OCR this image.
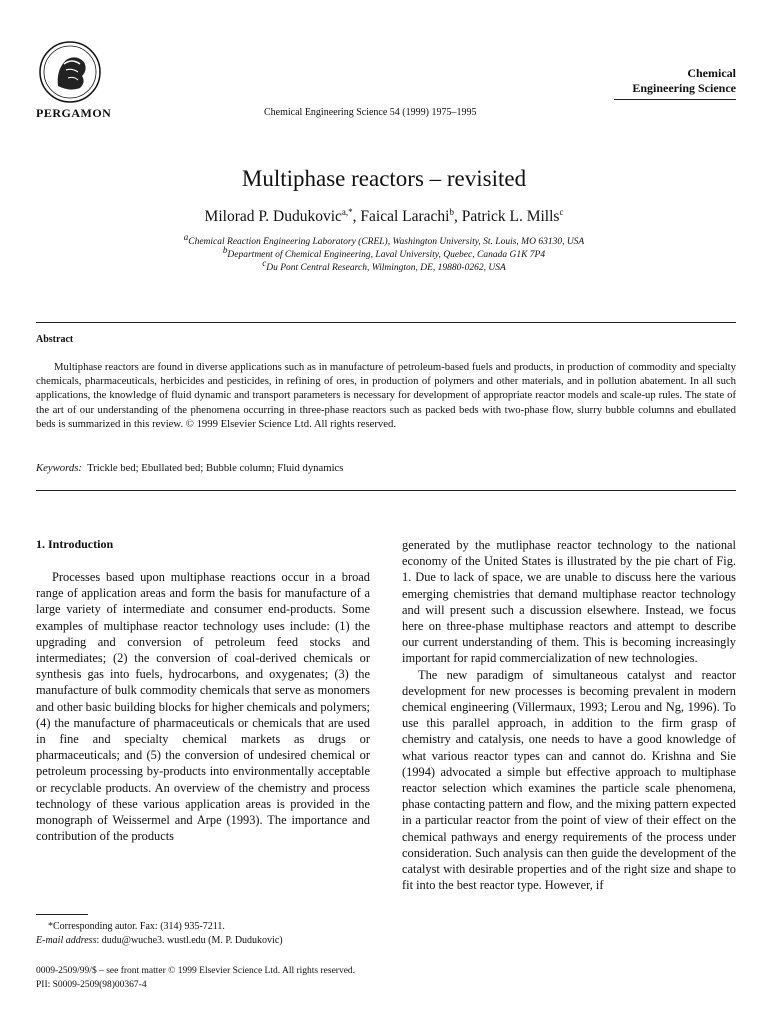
PERGAMON	Chemical Engineering Science 54 (1999) 1975–1995
Chemical
Engineering Science
Multiphase reactors – revisited
Milorad P. Dudukovic$^{a,*}$, Faical Larachi$^b$, Patrick L. Mills$^c$
$^a$Chemical Reaction Engineering Laboratory (CREL), Washington University, St. Louis, MO 63130, USA
$^b$Department of Chemical Engineering, Laval University, Quebec, Canada G1K 7P4
$^c$Du Pont Central Research, Wilmington, DE, 19880-0262, USA
Abstract

Multiphase reactors are found in diverse applications such as in manufacture of petroleum-based fuels and products, in production of commodity and specialty chemicals, pharmaceuticals, herbicides and pesticides, in refining of ores, in production of polymers and other materials, and in pollution abatement. In all such applications, the knowledge of fluid dynamic and transport parameters is necessary for development of appropriate reactor models and scale-up rules. The state of the art of our understanding of the phenomena occurring in three-phase reactors such as packed beds with two-phase flow, slurry bubble columns and ebullated beds is summarized in this review. © 1999 Elsevier Science Ltd. All rights reserved.

Keywords: Trickle bed; Ebullated bed; Bubble column; Fluid dynamics
1. Introduction

Processes based upon multiphase reactions occur in a broad range of application areas and form the basis for manufacture of a large variety of intermediate and consumer end-products. Some examples of multiphase reactor technology uses include: (1) the upgrading and conversion of petroleum feed stocks and intermediates; (2) the conversion of coal-derived chemicals or synthesis gas into fuels, hydrocarbons, and oxygenates; (3) the manufacture of bulk commodity chemicals that serve as monomers and other basic building blocks for higher chemicals and polymers; (4) the manufacture of pharmaceuticals or chemicals that are used in fine and specialty chemical markets as drugs or pharmaceuticals; and (5) the conversion of undesired chemical or petroleum processing by-products into environmentally acceptable or recyclable products. An overview of the chemistry and process technology of these various application areas is provided in the monograph of Weissermel and Arpe (1993). The importance and contribution of the products

generated by the mutliphase reactor technology to the national economy of the United States is illustrated by the pie chart of Fig. 1. Due to lack of space, we are unable to discuss here the various emerging chemistries that demand multiphase reactor technology and will present such a discussion elsewhere. Instead, we focus here on three-phase multiphase reactors and attempt to describe our current understanding of them. This is becoming increasingly important for rapid commercialization of new technologies.

The new paradigm of simultaneous catalyst and reactor development for new processes is becoming prevalent in modern chemical engineering (Villermaux, 1993; Lerou and Ng, 1996). To use this parallel approach, in addition to the firm grasp of chemistry and catalysis, one needs to have a good knowledge of what various reactor types can and cannot do. Krishna and Sie (1994) advocated a simple but effective approach to multiphase reactor selection which examines the particle scale phenomena, phase contacting pattern and flow, and the mixing pattern expected in a particular reactor from the point of view of their effect on the chemical pathways and energy requirements of the process under consideration. Such analysis can then guide the development of the catalyst with desirable properties and of the right size and shape to fit into the best reactor type. However, if

*Corresponding autor. Fax: (314) 935-7211.
E-mail address: dudu@wuche3. wustl.edu (M. P. Dudukovic)
0009-2509/99/$ – see front matter © 1999 Elsevier Science Ltd. All rights reserved.
PII: S0009-2509(98)00367-4
